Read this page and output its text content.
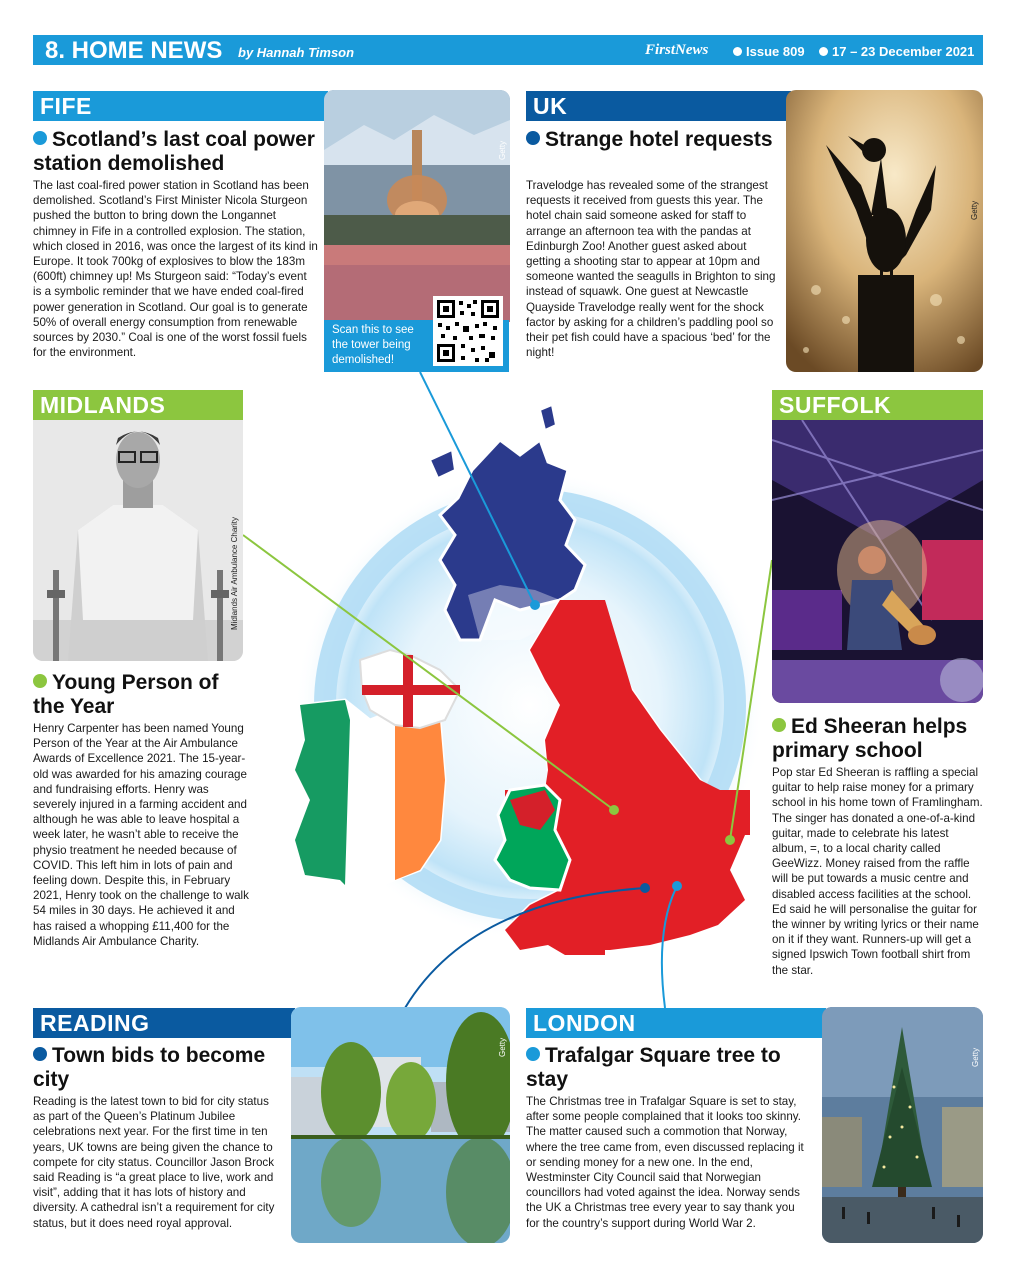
8. HOME NEWS by Hannah Timson	FirstNews	Issue 809	17 – 23 December 2021
FIFE
Scotland’s last coal power station demolished
The last coal-fired power station in Scotland has been demolished. Scotland’s First Minister Nicola Sturgeon pushed the button to bring down the Longannet chimney in Fife in a controlled explosion. The station, which closed in 2016, was once the largest of its kind in Europe. It took 700kg of explosives to blow the 183m (600ft) chimney up! Ms Sturgeon said: “Today’s event is a symbolic reminder that we have ended coal-fired power generation in Scotland. Our goal is to generate 50% of overall energy consumption from renewable sources by 2030.” Coal is one of the worst fossil fuels for the environment.
Getty
Scan this to see the tower being demolished!
UK
Strange hotel requests
Travelodge has revealed some of the strangest requests it received from guests this year. The hotel chain said someone asked for staff to arrange an afternoon tea with the pandas at Edinburgh Zoo! Another guest asked about getting a shooting star to appear at 10pm and someone wanted the seagulls in Brighton to sing instead of squawk. One guest at Newcastle Quayside Travelodge really went for the shock factor by asking for a children’s paddling pool so their pet fish could have a spacious ‘bed’ for the night!
Getty
MIDLANDS
Midlands Air Ambulance Charity
Young Person of the Year
Henry Carpenter has been named Young Person of the Year at the Air Ambulance Awards of Excellence 2021. The 15-year-old was awarded for his amazing courage and fundraising efforts. Henry was severely injured in a farming accident and although he was able to leave hospital a week later, he wasn’t able to receive the physio treatment he needed because of COVID. This left him in lots of pain and feeling down. Despite this, in February 2021, Henry took on the challenge to walk 54 miles in 30 days. He achieved it and has raised a whopping £11,400 for the Midlands Air Ambulance Charity.
SUFFOLK
Ed Sheeran helps primary school
Pop star Ed Sheeran is raffling a special guitar to help raise money for a primary school in his home town of Framlingham. The singer has donated a one-of-a-kind guitar, made to celebrate his latest album, =, to a local charity called GeeWizz. Money raised from the raffle will be put towards a music centre and disabled access facilities at the school. Ed said he will personalise the guitar for the winner by writing lyrics or their name on it if they want. Runners-up will get a signed Ipswich Town football shirt from the star.
READING
Town bids to become city
Reading is the latest town to bid for city status as part of the Queen’s Platinum Jubilee celebrations next year. For the first time in ten years, UK towns are being given the chance to compete for city status. Councillor Jason Brock said Reading is “a great place to live, work and visit”, adding that it has lots of history and diversity. A cathedral isn’t a requirement for city status, but it does need royal approval.
Getty
LONDON
Trafalgar Square tree to stay
The Christmas tree in Trafalgar Square is set to stay, after some people complained that it looks too skinny. The matter caused such a commotion that Norway, where the tree came from, even discussed replacing it or sending money for a new one. In the end, Westminster City Council said that Norwegian councillors had voted against the idea. Norway sends the UK a Christmas tree every year to say thank you for the country’s support during World War 2.
Getty
